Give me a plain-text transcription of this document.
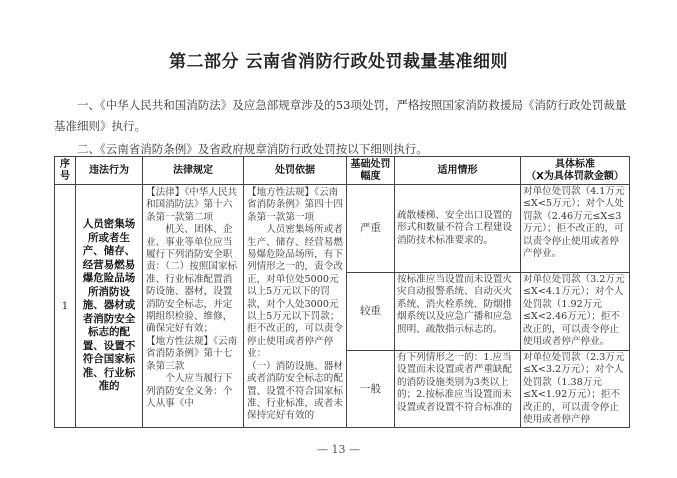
第二部分 云南省消防行政处罚裁量基准细则
一、《中华人民共和国消防法》及应急部规章涉及的53项处罚，严格按照国家消防救援局《消防行政处罚裁量基准细则》执行。
二、《云南省消防条例》及省政府规章消防行政处罚按以下细则执行。
序号	违法行为	法律规定	处罚依据	基础处罚幅度	适用情形	具体标准
（X为具体罚款金额）

1	人员密集场所或者生产、储存、经营易燃易爆危险品场所消防设施、器材或者消防安全标志的配置、设置不符合国家标准、行业标准的	【法律】《中华人民共和国消防法》第十六条第一款第二项
机关、团体、企业、事业等单位应当履行下列消防安全职责：（二）按照国家标准、行业标准配置消防设施、器材，设置消防安全标志，并定期组织检验、维修，确保完好有效；
【地方性法规】《云南省消防条例》第十七条第三款
个人应当履行下列消防安全义务：个人从事《中	【地方性法规】《云南省消防条例》第四十四条第一款第一项
人员密集场所或者生产、储存、经营易燃易爆危险品场所，有下列情形之一的，责令改正，对单位处5000元以上5万元以下的罚款，对个人处3000元以上5万元以下罚款；拒不改正的，可以责令停止使用或者停产停业：
（一）消防设施、器材或者消防安全标志的配置、设置不符合国家标准、行业标准，或者未保持完好有效的	严重	疏散楼梯、安全出口设置的形式和数量不符合工程建设消防技术标准要求的。	对单位处罚款（4.1万元≤X<5万元）；对个人处罚款（2.46万元≤X≤3万元）；拒不改正的，可以责令停止使用或者停产停业。
				较重	按标准应当设置而未设置火灾自动报警系统、自动灭火系统、消火栓系统、防烟排烟系统以及应急广播和应急照明、疏散指示标志的。	对单位处罚款（3.2万元≤X<4.1万元）；对个人处罚款（1.92万元≤X<2.46万元）；拒不改正的，可以责令停止使用或者停产停业。
				一般	有下列情形之一的：1.应当设置而未设置或者严重缺配的消防设施类别为3类以上的；2.按标准应当设置而未设置或者设置不符合标准的	对单位处罚款（2.3万元≤X<3.2万元）；对个人处罚款（1.38万元≤X<1.92万元）；拒不改正的，可以责令停止使用或者停产停
— 13 —
